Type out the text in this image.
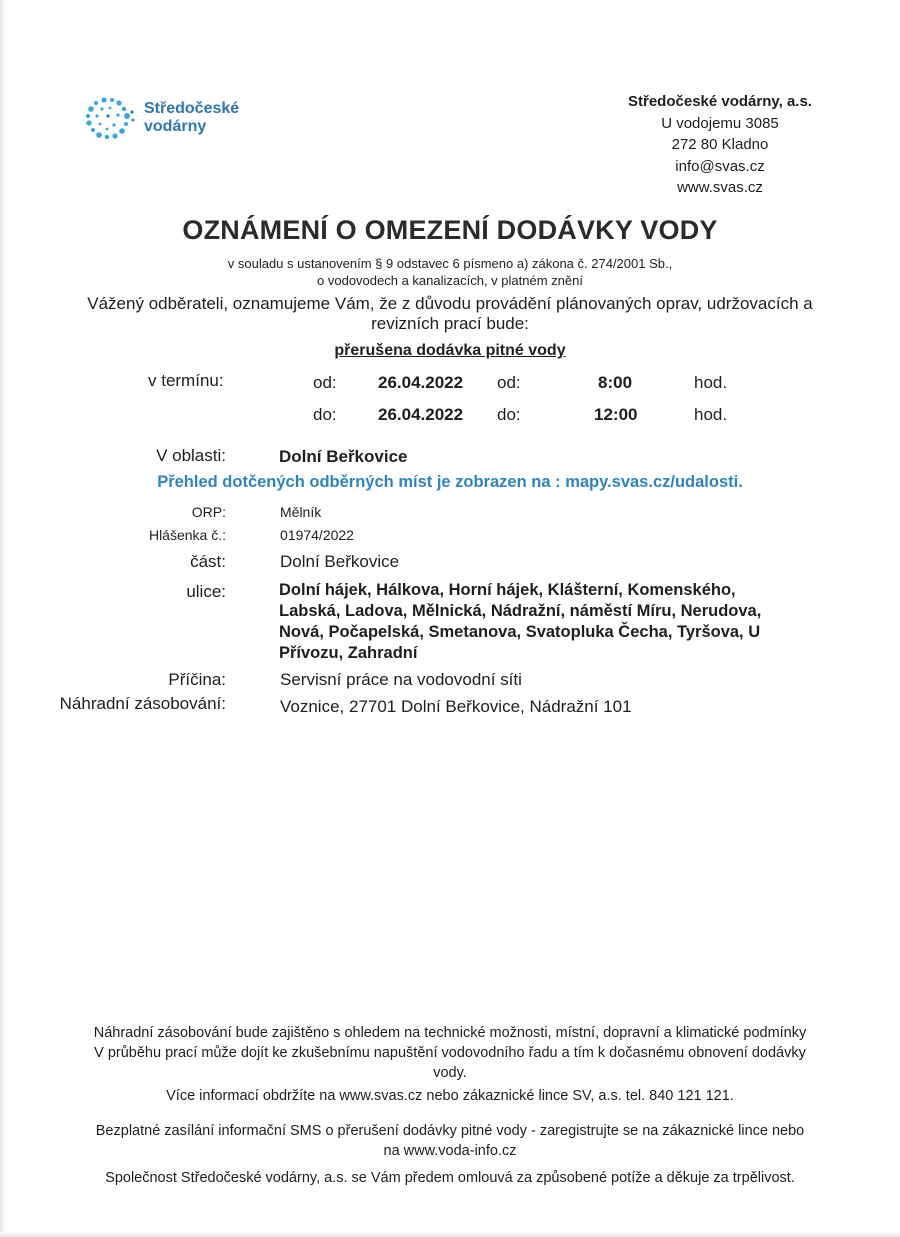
Středočeské
vodárny
Středočeské vodárny, a.s.
U vodojemu 3085
272 80 Kladno
info@svas.cz
www.svas.cz
OZNÁMENÍ O OMEZENÍ DODÁVKY VODY
v souladu s ustanovením § 9 odstavec 6 písmeno a) zákona č. 274/2001 Sb.,
o vodovodech a kanalizacích, v platném znění
Vážený odběrateli, oznamujeme Vám, že z důvodu provádění plánovaných oprav, udržovacích a revizních prací bude:
přerušena dodávka pitné vody
v termínu:	od: 26.04.2022 od:	8:00	hod.
do: 26.04.2022 do:	12:00	hod.
V oblasti:	Dolní Beřkovice
Přehled dotčených odběrných míst je zobrazen na : mapy.svas.cz/udalosti.
ORP:	Mělník
Hlášenka č.:	01974/2022
část:	Dolní Beřkovice
ulice:	Dolní hájek, Hálkova, Horní hájek, Klášterní, Komenského,
Labská, Ladova, Mělnická, Nádražní, náměstí Míru, Nerudova,
Nová, Počapelská, Smetanova, Svatopluka Čecha, Tyršova, U
Přívozu, Zahradní
Příčina:	Servisní práce na vodovodní síti
Náhradní zásobování:	Voznice, 27701 Dolní Beřkovice, Nádražní 101
Náhradní zásobování bude zajištěno s ohledem na technické možnosti, místní, dopravní a klimatické podmínky
V průběhu prací může dojít ke zkušebnímu napuštění vodovodního řadu a tím k dočasnému obnovení dodávky
vody.
Více informací obdržíte na www.svas.cz nebo zákaznické lince SV, a.s. tel. 840 121 121.
Bezplatné zasílání informační SMS o přerušení dodávky pitné vody - zaregistrujte se na zákaznické lince nebo
na www.voda-info.cz
Společnost Středočeské vodárny, a.s. se Vám předem omlouvá za způsobené potíže a děkuje za trpělivost.
